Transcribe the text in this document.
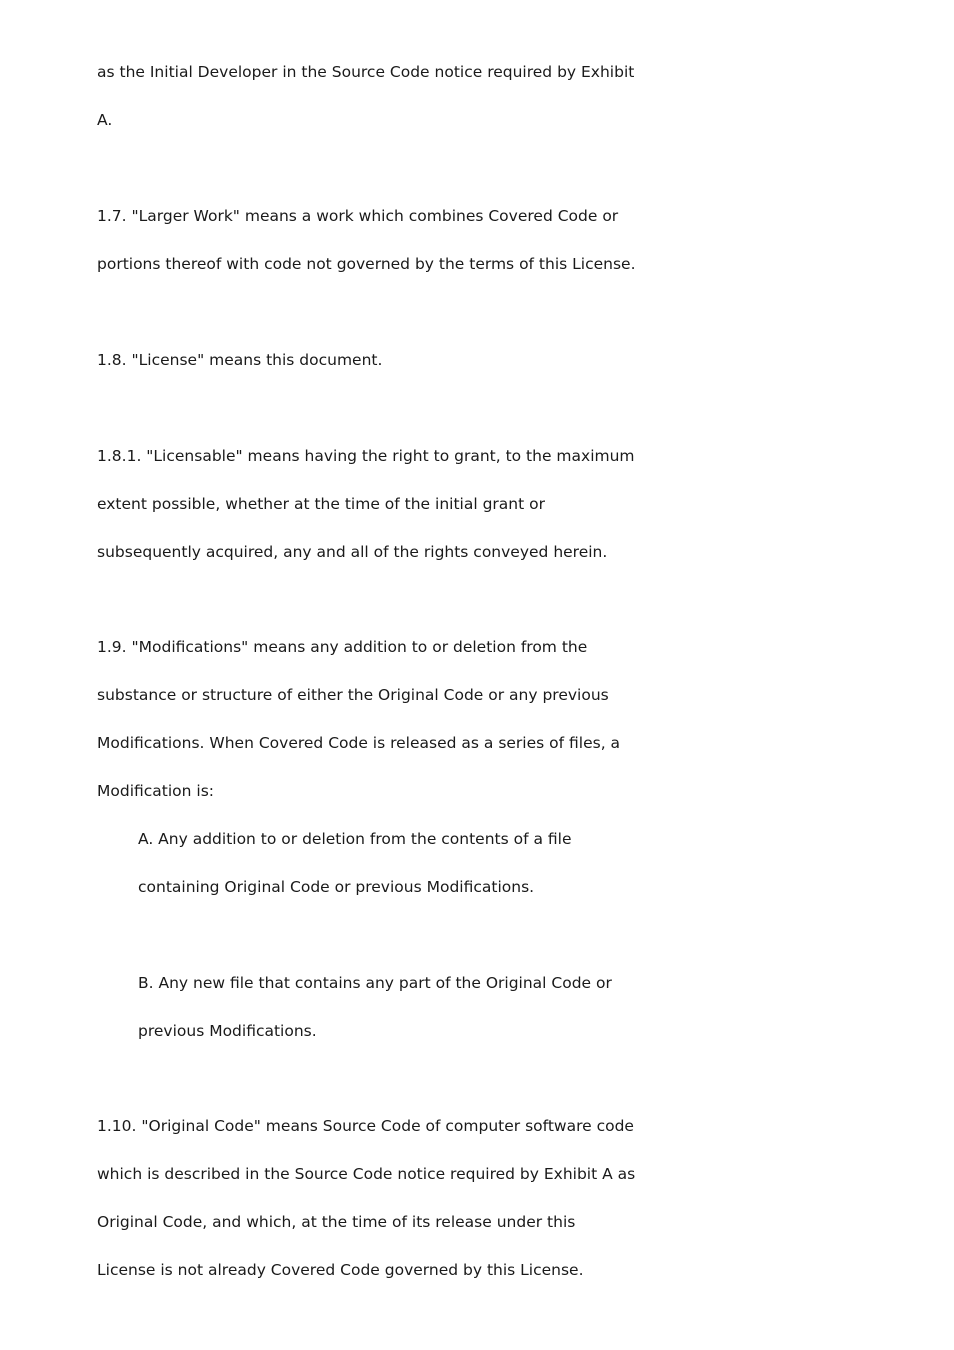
as the Initial Developer in the Source Code notice required by Exhibit
A.
1.7. "Larger Work" means a work which combines Covered Code or
portions thereof with code not governed by the terms of this License.
1.8. "License" means this document.
1.8.1. "Licensable" means having the right to grant, to the maximum
extent possible, whether at the time of the initial grant or
subsequently acquired, any and all of the rights conveyed herein.
1.9. "Modifications" means any addition to or deletion from the
substance or structure of either the Original Code or any previous
Modifications. When Covered Code is released as a series of files, a
Modification is:
A. Any addition to or deletion from the contents of a file
containing Original Code or previous Modifications.
B. Any new file that contains any part of the Original Code or
previous Modifications.
1.10. "Original Code" means Source Code of computer software code
which is described in the Source Code notice required by Exhibit A as
Original Code, and which, at the time of its release under this
License is not already Covered Code governed by this License.
